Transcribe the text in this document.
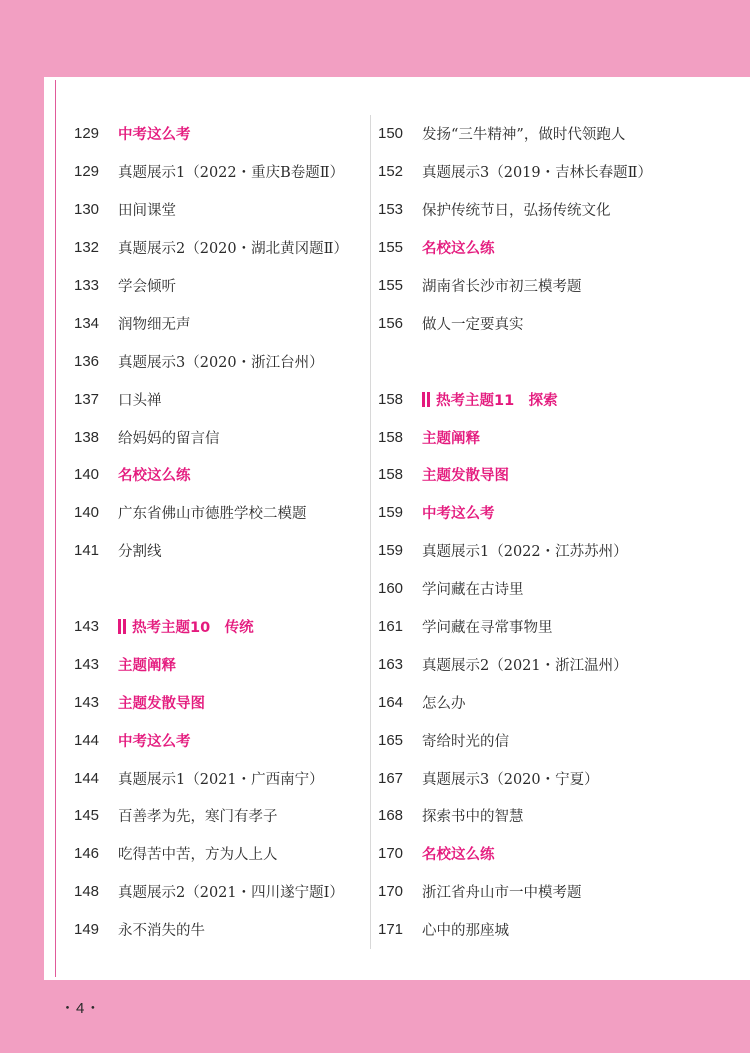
129	中考这么考
129	真题展示1（2022・重庆B卷题Ⅱ）
130	田间课堂
132	真题展示2（2020・湖北黄冈题Ⅱ）
133	学会倾听
134	润物细无声
136	真题展示3（2020・浙江台州）
137	口头禅
138	给妈妈的留言信
140	名校这么练
140	广东省佛山市德胜学校二模题
141	分割线
143	热考主题10　传统
143	主题阐释
143	主题发散导图
144	中考这么考
144	真题展示1（2021・广西南宁）
145	百善孝为先，寒门有孝子
146	吃得苦中苦，方为人上人
148	真题展示2（2021・四川遂宁题Ⅰ）
149	永不消失的牛
150	发扬“三牛精神”，做时代领跑人
152	真题展示3（2019・吉林长春题Ⅱ）
153	保护传统节日，弘扬传统文化
155	名校这么练
155	湖南省长沙市初三模考题
156	做人一定要真实
158	热考主题11　探索
158	主题阐释
158	主题发散导图
159	中考这么考
159	真题展示1（2022・江苏苏州）
160	学问藏在古诗里
161	学问藏在寻常事物里
163	真题展示2（2021・浙江温州）
164	怎么办
165	寄给时光的信
167	真题展示3（2020・宁夏）
168	探索书中的智慧
170	名校这么练
170	浙江省舟山市一中模考题
171	心中的那座城
・4・
